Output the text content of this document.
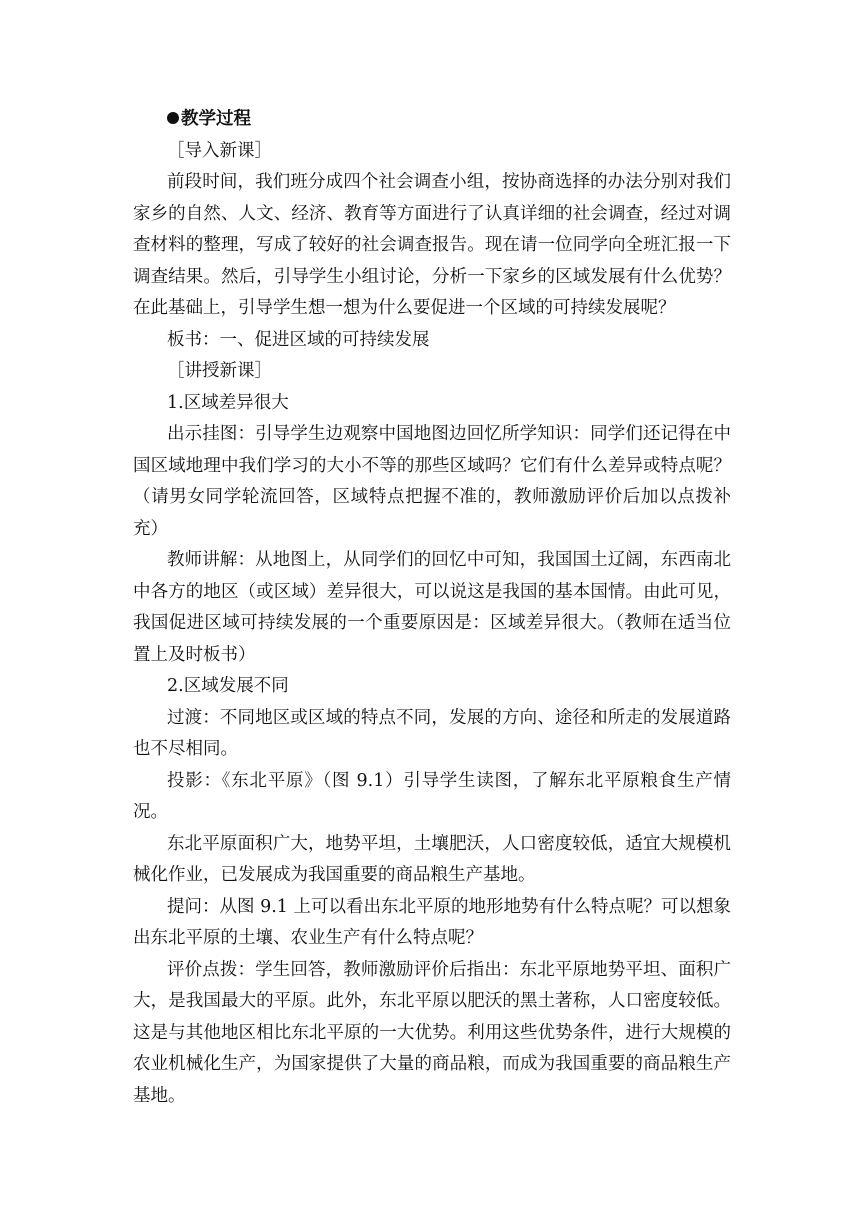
教学过程

［导入新课］

前段时间，我们班分成四个社会调查小组，按协商选择的办法分别对我们家乡的自然、人文、经济、教育等方面进行了认真详细的社会调查，经过对调查材料的整理，写成了较好的社会调查报告。现在请一位同学向全班汇报一下调查结果。然后，引导学生小组讨论，分析一下家乡的区域发展有什么优势？在此基础上，引导学生想一想为什么要促进一个区域的可持续发展呢？

板书：一、促进区域的可持续发展

［讲授新课］

1.区域差异很大

出示挂图：引导学生边观察中国地图边回忆所学知识：同学们还记得在中国区域地理中我们学习的大小不等的那些区域吗？它们有什么差异或特点呢？（请男女同学轮流回答，区域特点把握不准的，教师激励评价后加以点拨补充）

教师讲解：从地图上，从同学们的回忆中可知，我国国土辽阔，东西南北中各方的地区（或区域）差异很大，可以说这是我国的基本国情。由此可见，我国促进区域可持续发展的一个重要原因是：区域差异很大。（教师在适当位置上及时板书）

2.区域发展不同

过渡：不同地区或区域的特点不同，发展的方向、途径和所走的发展道路也不尽相同。

投影：《东北平原》（图 9.1）引导学生读图，了解东北平原粮食生产情况。

东北平原面积广大，地势平坦，土壤肥沃，人口密度较低，适宜大规模机械化作业，已发展成为我国重要的商品粮生产基地。

提问：从图 9.1 上可以看出东北平原的地形地势有什么特点呢？可以想象出东北平原的土壤、农业生产有什么特点呢？

评价点拨：学生回答，教师激励评价后指出：东北平原地势平坦、面积广大，是我国最大的平原。此外，东北平原以肥沃的黑土著称，人口密度较低。这是与其他地区相比东北平原的一大优势。利用这些优势条件，进行大规模的农业机械化生产，为国家提供了大量的商品粮，而成为我国重要的商品粮生产基地。
